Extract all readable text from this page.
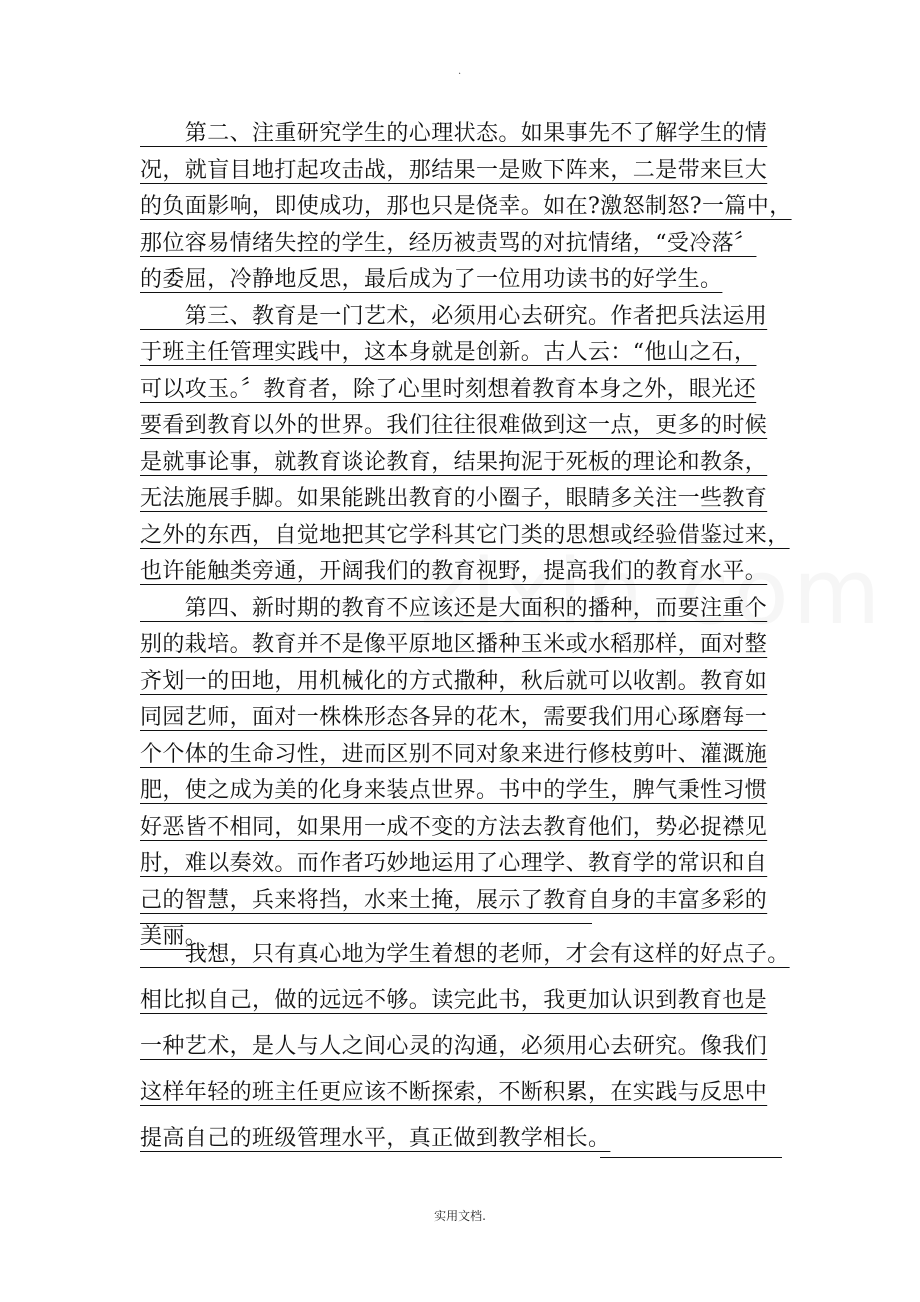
.
　　第二、注重研究学生的心理状态。如果事先不了解学生的情
况，就盲目地打起攻击战，那结果一是败下阵来，二是带来巨大
的负面影响，即使成功，那也只是侥幸。如在?激怒制怒?一篇中，
那位容易情绪失控的学生，经历被责骂的对抗情绪，“受冷落〞
的委屈，冷静地反思，最后成为了一位用功读书的好学生。
　　第三、教育是一门艺术，必须用心去研究。作者把兵法运用
于班主任管理实践中，这本身就是创新。古人云：“他山之石，
可以攻玉。〞教育者，除了心里时刻想着教育本身之外，眼光还
要看到教育以外的世界。我们往往很难做到这一点，更多的时候
是就事论事，就教育谈论教育，结果拘泥于死板的理论和教条，
无法施展手脚。如果能跳出教育的小圈子，眼睛多关注一些教育
之外的东西，自觉地把其它学科其它门类的思想或经验借鉴过来，
也许能触类旁通，开阔我们的教育视野，提高我们的教育水平。
　　第四、新时期的教育不应该还是大面积的播种，而要注重个
别的栽培。教育并不是像平原地区播种玉米或水稻那样，面对整
齐划一的田地，用机械化的方式撒种，秋后就可以收割。教育如
同园艺师，面对一株株形态各异的花木，需要我们用心琢磨每一
个个体的生命习性，进而区别不同对象来进行修枝剪叶、灌溉施
肥，使之成为美的化身来装点世界。书中的学生，脾气秉性习惯
好恶皆不相同，如果用一成不变的方法去教育他们，势必捉襟见
肘，难以奏效。而作者巧妙地运用了心理学、教育学的常识和自
己的智慧，兵来将挡，水来土掩，展示了教育自身的丰富多彩的
美丽。
　　我想，只有真心地为学生着想的老师，才会有这样的好点子。
相比拟自己，做的远远不够。读完此书，我更加认识到教育也是
一种艺术，是人与人之间心灵的沟通，必须用心去研究。像我们
这样年轻的班主任更应该不断探索，不断积累，在实践与反思中
提高自己的班级管理水平，真正做到教学相长。
实用文档.
